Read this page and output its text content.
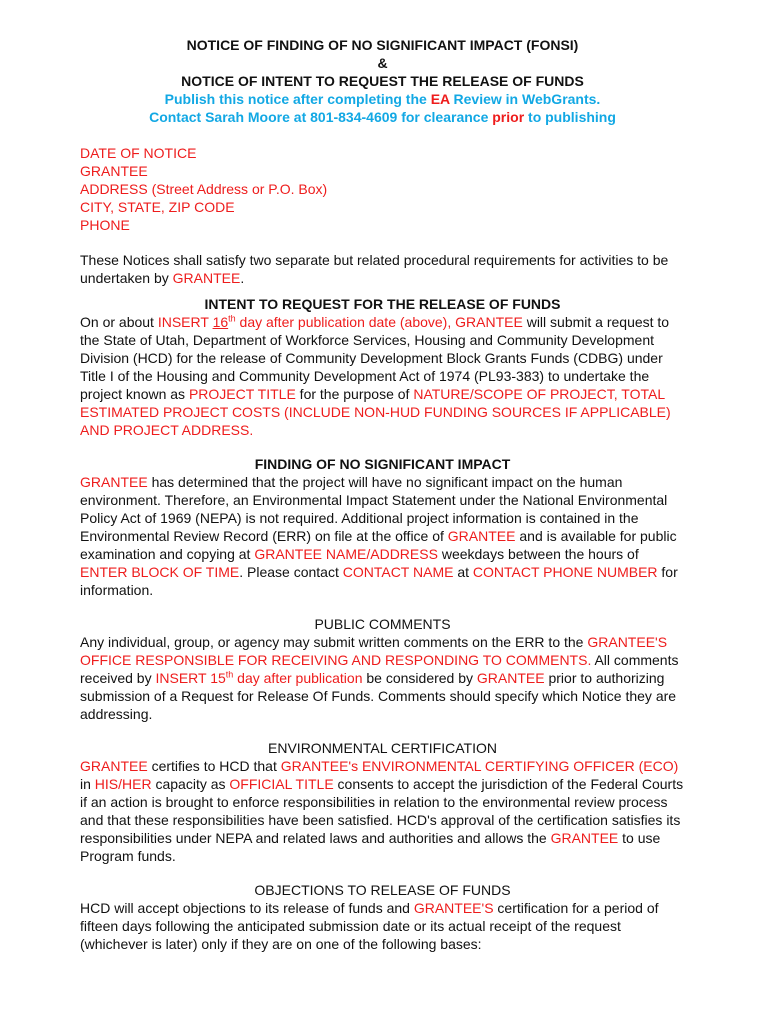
NOTICE OF FINDING OF NO SIGNIFICANT IMPACT (FONSI)

&

NOTICE OF INTENT TO REQUEST THE RELEASE OF FUNDS

Publish this notice after completing the EA Review in WebGrants.

Contact Sarah Moore at 801-834-4609 for clearance prior to publishing

DATE OF NOTICE

GRANTEE

ADDRESS (Street Address or P.O. Box)

CITY, STATE, ZIP CODE

PHONE

These Notices shall satisfy two separate but related procedural requirements for activities to be undertaken by GRANTEE.

INTENT TO REQUEST FOR THE RELEASE OF FUNDS

On or about INSERT 16th day after publication date (above), GRANTEE will submit a request to the State of Utah, Department of Workforce Services, Housing and Community Development Division (HCD) for the release of Community Development Block Grants Funds (CDBG) under Title I of the Housing and Community Development Act of 1974 (PL93-383) to undertake the project known as PROJECT TITLE for the purpose of NATURE/SCOPE OF PROJECT, TOTAL ESTIMATED PROJECT COSTS (INCLUDE NON-HUD FUNDING SOURCES IF APPLICABLE) AND PROJECT ADDRESS.

FINDING OF NO SIGNIFICANT IMPACT

GRANTEE has determined that the project will have no significant impact on the human environment. Therefore, an Environmental Impact Statement under the National Environmental Policy Act of 1969 (NEPA) is not required. Additional project information is contained in the Environmental Review Record (ERR) on file at the office of GRANTEE and is available for public examination and copying at GRANTEE NAME/ADDRESS weekdays between the hours of ENTER BLOCK OF TIME. Please contact CONTACT NAME at CONTACT PHONE NUMBER for information.

PUBLIC COMMENTS

Any individual, group, or agency may submit written comments on the ERR to the GRANTEE'S OFFICE RESPONSIBLE FOR RECEIVING AND RESPONDING TO COMMENTS. All comments received by INSERT 15th day after publication be considered by GRANTEE prior to authorizing submission of a Request for Release Of Funds. Comments should specify which Notice they are addressing.

ENVIRONMENTAL CERTIFICATION

GRANTEE certifies to HCD that GRANTEE's ENVIRONMENTAL CERTIFYING OFFICER (ECO) in HIS/HER capacity as OFFICIAL TITLE consents to accept the jurisdiction of the Federal Courts if an action is brought to enforce responsibilities in relation to the environmental review process and that these responsibilities have been satisfied. HCD's approval of the certification satisfies its responsibilities under NEPA and related laws and authorities and allows the GRANTEE to use Program funds.

OBJECTIONS TO RELEASE OF FUNDS

HCD will accept objections to its release of funds and GRANTEE'S certification for a period of fifteen days following the anticipated submission date or its actual receipt of the request (whichever is later) only if they are on one of the following bases:
